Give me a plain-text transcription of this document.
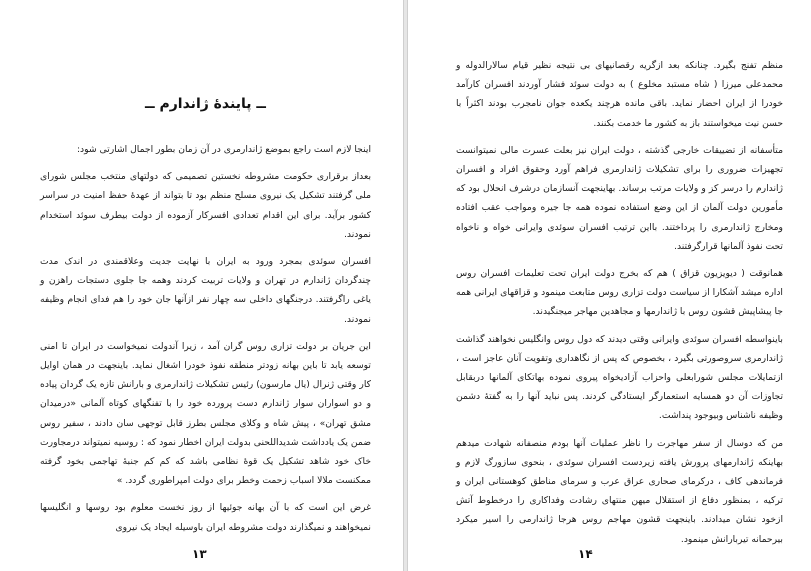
ــ پایندۀ ژاندارم ــ

اینجا لازم است راجع بموضع ژاندارمری در آن زمان بطور اجمال اشارتی شود:

بعداز برقراری حکومت مشروطه نخستین تصمیمی که دولتهای منتخب مجلس شورای ملی گرفتند تشکیل یک نیروی مسلح منظم بود تا بتواند از عهدۀ حفظ امنیت در سراسر کشور برآید. برای این اقدام تعدادی افسرکار آزموده از دولت بیطرف سوئد استخدام نمودند.

افسران سوئدی بمجرد ورود به ایران با نهایت جدیت وعلاقمندی در اندک مدت چندگردان ژاندارم در تهران و ولایات تربیت کردند وهمه جا جلوی دستجات راهزن و یاغی راگرفتند. درجنگهای داخلی سه چهار نفر ازآنها جان خود را هم فدای انجام وظیفه نمودند.

این جریان بر دولت تزاری روس گران آمد ، زیرا آندولت نمیخواست در ایران تا امنی توسعه یابد تا باین بهانه زودتر منطقه نفوذ خودرا اشغال نماید. باینجهت در همان اوایل کار وقتی ژنرال (یال مارسون) رئیس تشکیلات ژاندارمری و بارانش تازه یک گردان پیاده و دو اسواران سوار ژاندارم دست پرورده خود را با تفنگهای کوتاه آلمانی «درمیدان مشق تهران» ، پیش شاه و وکلای مجلس بطرز قابل توجهی سان دادند ، سفیر روس ضمن یک یادداشت شدیداللحنی بدولت ایران اخطار نمود که : روسیه نمیتواند درمجاورت خاک خود شاهد تشکیل یک قوۀ نظامی باشد که کم کم جنبۀ تهاجمی بخود گرفته ممکنست ملالا اسباب زحمت وخطر برای دولت امپراطوری گردد. »

غرض این است که با آن بهانه جوئیها از روز نخست معلوم بود روسها و انگلیسها نمیخواهند و نمیگذارند دولت مشروطه ایران باوسیله ایجاد یک نیروی

۱۳

منظم تفنج بگیرد. چنانکه بعد ازگریه رقصانیهای بی نتیجه نظیر قیام سالارالدوله و محمدعلی میرزا ( شاه مستبد مخلوع ) به دولت سوئد فشار آوردند افسران کارآمد خودرا از ایران احضار نماید. باقی مانده هرچند یکعده جوان نامجرب بودند اکثراً با حسن نیت میخواستند باز به کشور ما خدمت بکنند.

متأسفانه از تضییقات خارجی گذشته ، دولت ایران نیز بعلت عسرت مالی نمیتوانست تجهیزات ضروری را برای تشکیلات ژاندارمری فراهم آورد وحقوق افراد و افسران ژاندارم را درسر کز و ولایات مرتب برساند. بهاینجهت آنسازمان درشرف انحلال بود که مأمورین دولت آلمان از این وضع استفاده نموده همه جا جیره ومواجب عقب افتاده ومخارج ژاندارمری را پرداختند. بااین ترتیب افسران سوئدی وایرانی خواه و ناخواه تحت نفوذ آلمانها قرارگرفتند.

همانوقت ( دیویزیون قزاق ) هم که بخرج دولت ایران تحت تعلیمات افسران روس اداره میشد آشکارا از سیاست دولت تزاری روس متابعت مینمود و قزاقهای ایرانی همه جا پیشاپیش قشون روس با ژاندارمها و مجاهدین مهاجر میجنگیدند.

باینواسطه افسران سوئدی وایرانی وقتی دیدند که دول روس وانگلیس نخواهند گذاشت ژاندارمری سروصورتی بگیرد ، بخصوص که پس از نگاهداری وتقویت آنان عاجز است ، ازتمایلات مجلس شورابعلی واحزاب آزادیخواه پیروی نموده بهاتکای آلمانها دربقابل تجاوزات آن دو همسایه استعمارگر ایستادگی کردند. پس نباید آنها را به گفتۀ دشمن وظیفه ناشناس وبیوجود پنداشت.

من که دوسال از سفر مهاجرت را ناظر عملیات آنها بودم منصفانه شهادت میدهم بهاینکه ژاندارمهای پرورش یافته زیردست افسران سوئدی ، بنحوی سازورگ لازم و فرماندهی کاف ، درکرمای صحاری عراق عرب و سرمای مناطق کوهستانی ایران و ترکیه ، بمنظور دفاع از استقلال میهن منتهای رشادت وفداکاری را درخطوط آتش ازخود نشان میدادند. باینجهت قشون مهاجم روس هرجا ژاندارمی را اسیر میکرد بیرحمانه تیربارانش مینمود.

۱۴
